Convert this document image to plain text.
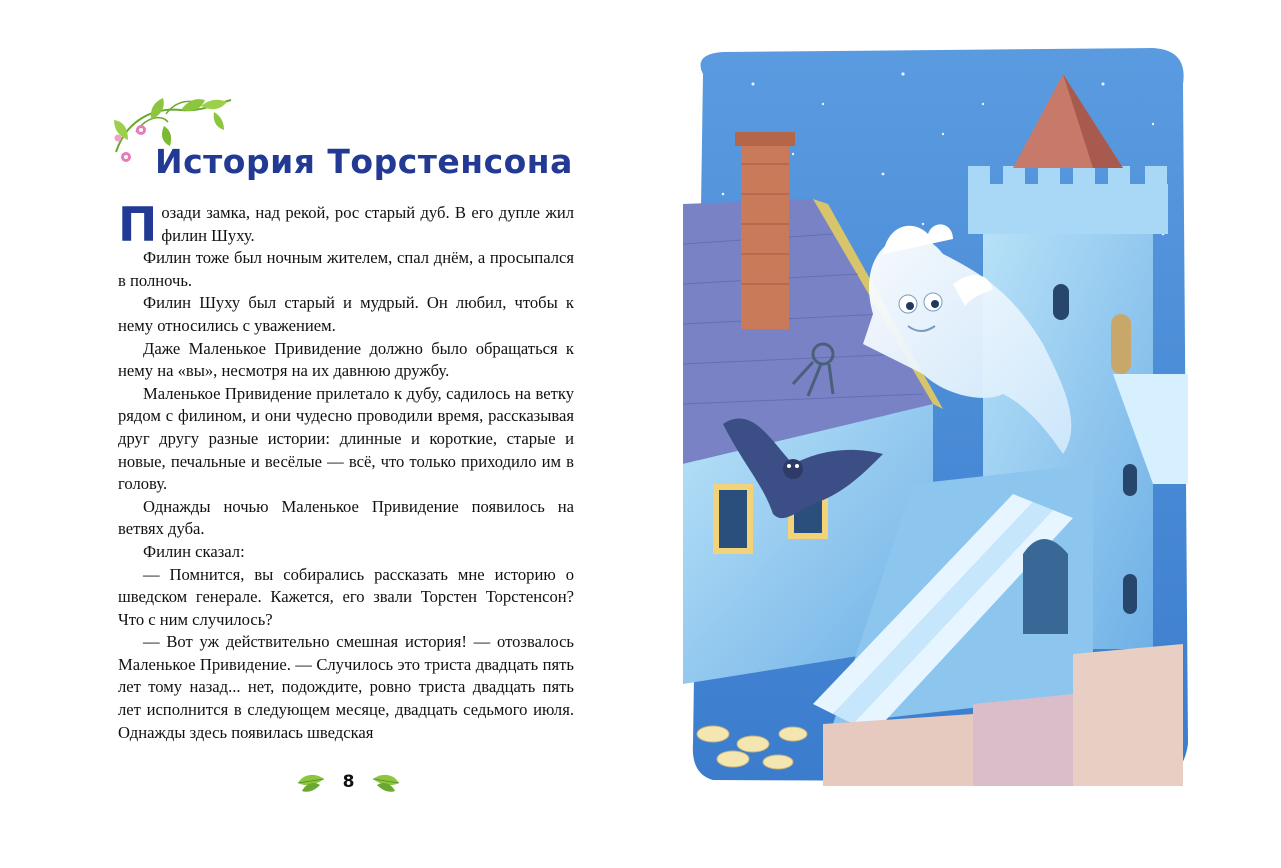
История Торстенсона

Позади замка, над рекой, рос старый дуб. В его дупле жил филин Шуху.

Филин тоже был ночным жителем, спал днём, а просыпался в полночь.

Филин Шуху был старый и мудрый. Он любил, чтобы к нему относились с уважением.

Даже Маленькое Привидение должно было обращаться к нему на «вы», несмотря на их давнюю дружбу.

Маленькое Привидение прилетало к дубу, садилось на ветку рядом с филином, и они чудесно проводили время, рассказывая друг другу разные истории: длинные и короткие, старые и новые, печальные и весёлые — всё, что только приходило им в голову.

Однажды ночью Маленькое Привидение появилось на ветвях дуба.

Филин сказал:

— Помнится, вы собирались рассказать мне историю о шведском генерале. Кажется, его звали Торстен Торстенсон? Что с ним случилось?

— Вот уж действительно смешная история! — отозвалось Маленькое Привидение. — Случилось это триста двадцать пять лет тому назад... нет, подождите, ровно триста двадцать пять лет исполнится в следующем месяце, двадцать седьмого июля. Однажды здесь появилась шведская

8
